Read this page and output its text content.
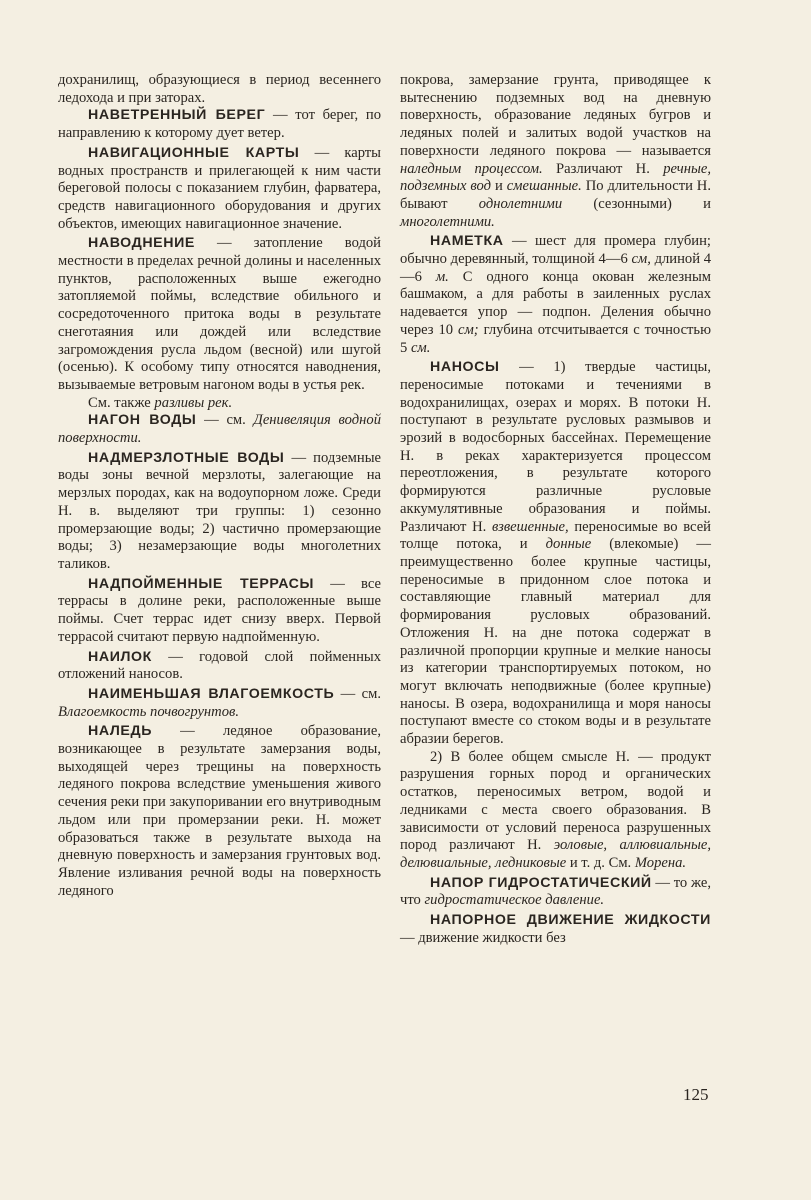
дохранилищ, образующиеся в период весеннего ледохода и при заторах.

НАВЕТРЕННЫЙ БЕРЕГ — тот берег, по направлению к которому дует ветер.

НАВИГАЦИОННЫЕ КАРТЫ — карты водных пространств и прилегающей к ним части береговой полосы с показанием глубин, фарватера, средств навигационного оборудования и других объектов, имеющих навигационное значение.

НАВОДНЕНИЕ — затопление водой местности в пределах речной долины и населенных пунктов, расположенных выше ежегодно затопляемой поймы, вследствие обильного и сосредоточенного притока воды в результате снеготаяния или дождей или вследствие загромождения русла льдом (весной) или шугой (осенью). К особому типу относятся наводнения, вызываемые ветровым нагоном воды в устья рек.

См. также разливы рек.

НАГОН ВОДЫ — см. Денивеляция водной поверхности.

НАДМЕРЗЛОТНЫЕ ВОДЫ — подземные воды зоны вечной мерзлоты, залегающие на мерзлых породах, как на водоупорном ложе. Среди Н. в. выделяют три группы: 1) сезонно промерзающие воды; 2) частично промерзающие воды; 3) незамерзающие воды многолетних таликов.

НАДПОЙМЕННЫЕ ТЕРРАСЫ — все террасы в долине реки, расположенные выше поймы. Счет террас идет снизу вверх. Первой террасой считают первую надпойменную.

НАИЛОК — годовой слой пойменных отложений наносов.

НАИМЕНЬШАЯ ВЛАГОЕМКОСТЬ — см. Влагоемкость почвогрунтов.

НАЛЕДЬ — ледяное образование, возникающее в результате замерзания воды, выходящей через трещины на поверхность ледяного покрова вследствие уменьшения живого сечения реки при закупоривании его внутриводным льдом или при промерзании реки. Н. может образоваться также в результате выхода на дневную поверхность и замерзания грунтовых вод. Явление изливания речной воды на поверхность ледяного

покрова, замерзание грунта, приводящее к вытеснению подземных вод на дневную поверхность, образование ледяных бугров и ледяных полей и залитых водой участков на поверхности ледяного покрова — называется наледным процессом. Различают Н. речные, подземных вод и смешанные. По длительности Н. бывают однолетними (сезонными) и многолетними.

НАМЕТКА — шест для промера глубин; обычно деревянный, толщиной 4—6 см, длиной 4—6 м. С одного конца окован железным башмаком, а для работы в заиленных руслах надевается упор — подпон. Деления обычно через 10 см; глубина отсчитывается с точностью 5 см.

НАНОСЫ — 1) твердые частицы, переносимые потоками и течениями в водохранилищах, озерах и морях. В потоки Н. поступают в результате русловых размывов и эрозий в водосборных бассейнах. Перемещение Н. в реках характеризуется процессом переотложения, в результате которого формируются различные русловые аккумулятивные образования и поймы. Различают Н. взвешенные, переносимые во всей толще потока, и донные (влекомые) — преимущественно более крупные частицы, переносимые в придонном слое потока и составляющие главный материал для формирования русловых образований. Отложения Н. на дне потока содержат в различной пропорции крупные и мелкие наносы из категории транспортируемых потоком, но могут включать неподвижные (более крупные) наносы. В озера, водохранилища и моря наносы поступают вместе со стоком воды и в результате абразии берегов.

2) В более общем смысле Н. — продукт разрушения горных пород и органических остатков, переносимых ветром, водой и ледниками с места своего образования. В зависимости от условий переноса разрушенных пород различают Н. эоловые, аллювиальные, делювиальные, ледниковые и т. д. См. Морена.

НАПОР ГИДРОСТАТИЧЕСКИЙ — то же, что гидростатическое давление.

НАПОРНОЕ ДВИЖЕНИЕ ЖИДКОСТИ — движение жидкости без

125
